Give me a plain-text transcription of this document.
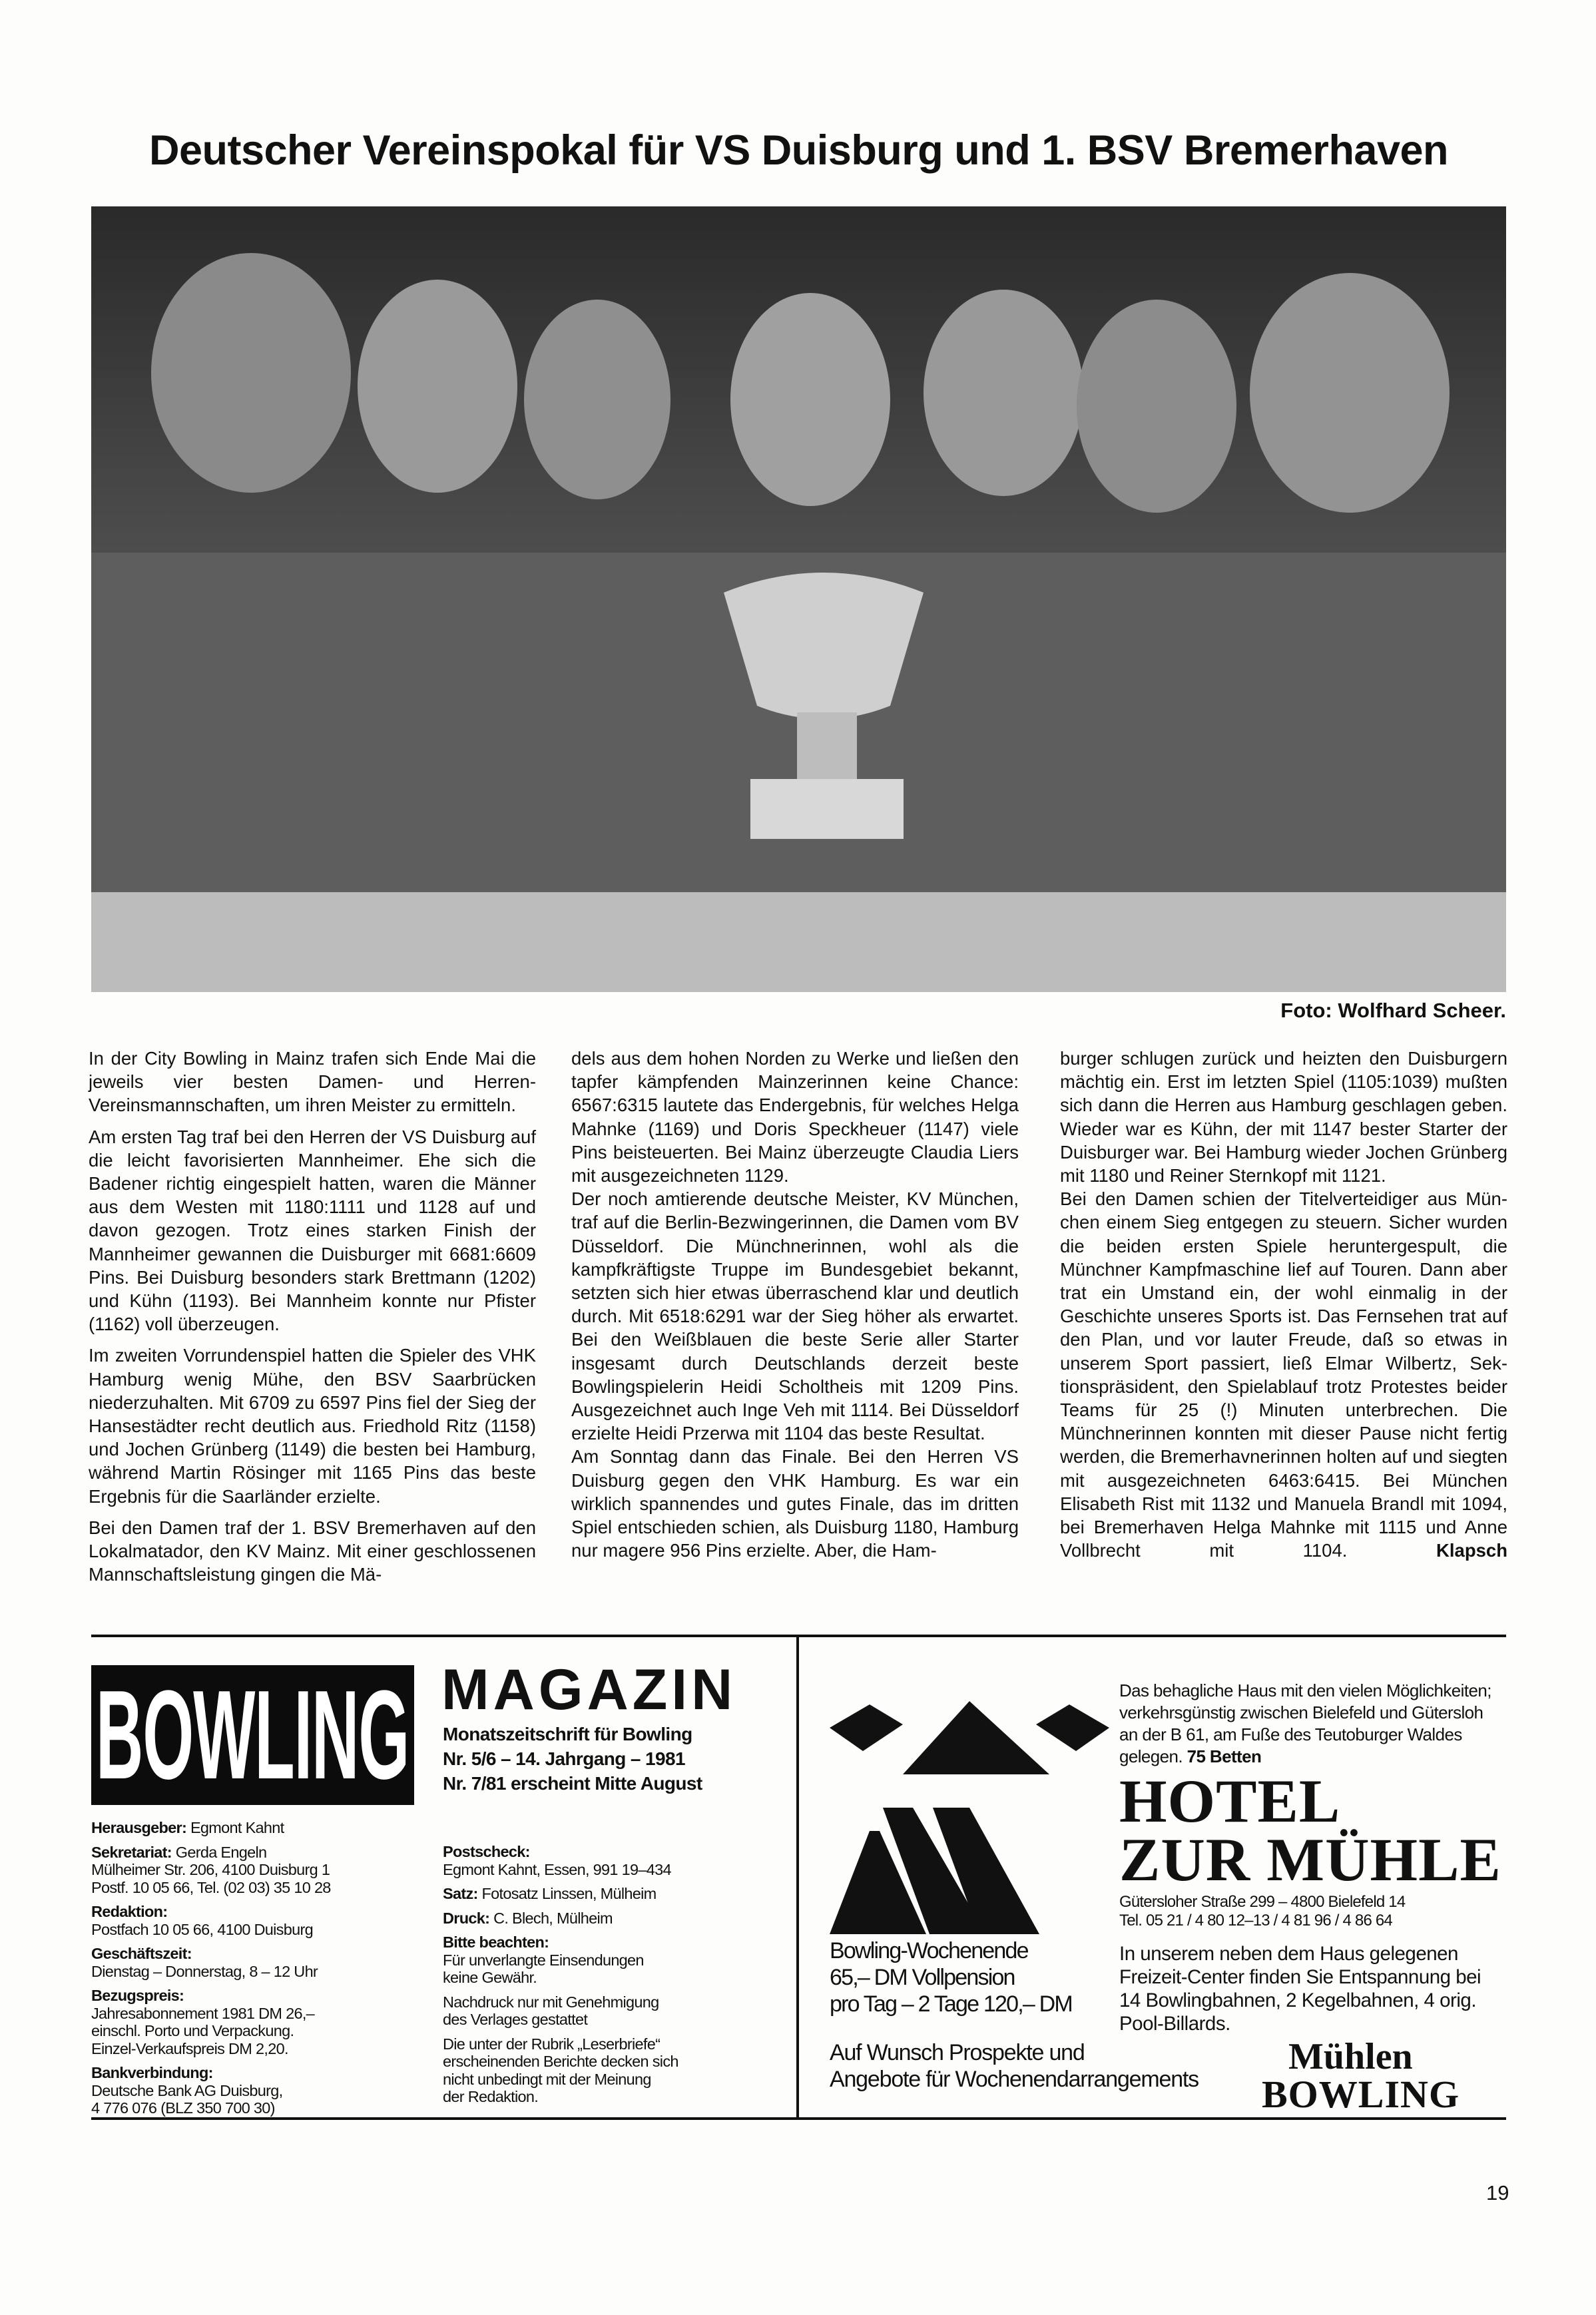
Deutscher Vereinspokal für VS Duisburg und 1. BSV Bremerhaven
Foto: Wolfhard Scheer.

In der City Bowling in Mainz trafen sich Ende Mai die jeweils vier besten Damen- und Herren-Vereinsmannschaften, um ihren Meister zu ermitteln.

Am ersten Tag traf bei den Herren der VS Duisburg auf die leicht favorisierten Mannheimer. Ehe sich die Badener richtig eingespielt hatten, waren die Männer aus dem Westen mit 1180:1111 und 1128 auf und davon gezogen. Trotz eines starken Finish der Mannheimer gewannen die Duisburger mit 6681:6609 Pins. Bei Duisburg besonders stark Brettmann (1202) und Kühn (1193). Bei Mannheim konnte nur Pfister (1162) voll überzeugen.

Im zweiten Vorrundenspiel hatten die Spieler des VHK Hamburg wenig Mühe, den BSV Saarbrücken niederzuhalten. Mit 6709 zu 6597 Pins fiel der Sieg der Hansestädter recht deutlich aus. Friedhold Ritz (1158) und Jochen Grünberg (1149) die besten bei Hamburg, während Martin Rösinger mit 1165 Pins das beste Ergebnis für die Saarländer erzielte.

Bei den Damen traf der 1. BSV Bremerhaven auf den Lokalmatador, den KV Mainz. Mit einer geschlossenen Mannschaftsleistung gingen die Mä-

dels aus dem hohen Norden zu Werke und ließen den tapfer kämpfenden Mainzerinnen keine Chance: 6567:6315 lautete das Endergebnis, für welches Helga Mahnke (1169) und Doris Speckheuer (1147) viele Pins beisteuerten. Bei Mainz überzeugte Claudia Liers mit ausgezeichneten 1129.

Der noch amtierende deutsche Meister, KV München, traf auf die Berlin-Bezwingerinnen, die Damen vom BV Düsseldorf. Die Münchnerinnen, wohl als die kampfkräftigste Truppe im Bundesgebiet bekannt, setzten sich hier etwas überraschend klar und deutlich durch. Mit 6518:6291 war der Sieg höher als erwartet. Bei den Weißblauen die beste Serie aller Starter insgesamt durch Deutschlands derzeit beste Bowlingspielerin Heidi Scholtheis mit 1209 Pins. Ausgezeichnet auch Inge Veh mit 1114. Bei Düsseldorf erzielte Heidi Przerwa mit 1104 das beste Resultat.

Am Sonntag dann das Finale. Bei den Herren VS Duisburg gegen den VHK Hamburg. Es war ein wirklich spannendes und gutes Finale, das im dritten Spiel entschieden schien, als Duisburg 1180, Hamburg nur magere 956 Pins erzielte. Aber, die Ham-

burger schlugen zurück und heizten den Duisburgern mächtig ein. Erst im letzten Spiel (1105:1039) mußten sich dann die Herren aus Hamburg geschlagen geben. Wieder war es Kühn, der mit 1147 bester Starter der Duisburger war. Bei Hamburg wieder Jochen Grünberg mit 1180 und Reiner Sternkopf mit 1121.

Bei den Damen schien der Titelverteidiger aus München einem Sieg entgegen zu steuern. Sicher wurden die beiden ersten Spiele heruntergespult, die Münchner Kampfmaschine lief auf Touren. Dann aber trat ein Umstand ein, der wohl einmalig in der Geschichte unseres Sports ist. Das Fernsehen trat auf den Plan, und vor lauter Freude, daß so etwas in unserem Sport passiert, ließ Elmar Wilbertz, Sektionspräsident, den Spielablauf trotz Protestes beider Teams für 25 (!) Minuten unterbrechen. Die Münchnerinnen konnten mit dieser Pause nicht fertig werden, die Bremerhavnerinnen holten auf und siegten mit ausgezeichneten 6463:6415. Bei München Elisabeth Rist mit 1132 und Manuela Brandl mit 1094, bei Bremerhaven Helga Mahnke mit 1115 und Anne Vollbrecht mit 1104.	Klapsch

BOWLING MAGAZIN
Monatszeitschrift für Bowling
Nr. 5/6 – 14. Jahrgang – 1981
Nr. 7/81 erscheint Mitte August
Herausgeber: Egmont Kahnt
Sekretariat: Gerda Engeln
Mülheimer Str. 206, 4100 Duisburg 1
Postf. 10 05 66, Tel. (02 03) 35 10 28
Redaktion:
Postfach 10 05 66, 4100 Duisburg
Geschäftszeit:
Dienstag – Donnerstag, 8 – 12 Uhr
Bezugspreis:
Jahresabonnement 1981 DM 26,–
einschl. Porto und Verpackung.
Einzel-Verkaufspreis DM 2,20.
Bankverbindung:
Deutsche Bank AG Duisburg,
4 776 076 (BLZ 350 700 30)
Postscheck:
Egmont Kahnt, Essen, 991 19–434
Satz: Fotosatz Linssen, Mülheim
Druck: C. Blech, Mülheim
Bitte beachten:
Für unverlangte Einsendungen
keine Gewähr.
Nachdruck nur mit Genehmigung
des Verlages gestattet
Die unter der Rubrik „Leserbriefe“
erscheinenden Berichte decken sich
nicht unbedingt mit der Meinung
der Redaktion.
Das behagliche Haus mit den vielen Möglichkeiten; verkehrsgünstig zwischen Bielefeld und Gütersloh an der B 61, am Fuße des Teutoburger Waldes gelegen. 75 Betten
HOTEL
ZUR MÜHLE
Güterslоher Straße 299 – 4800 Bielefeld 14
Tel. 05 21 / 4 80 12–13 / 4 81 96 / 4 86 64
In unserem neben dem Haus gelegenen Freizeit-Center finden Sie Entspannung bei 14 Bowlingbahnen, 2 Kegelbahnen, 4 orig. Pool-Billards.
Mühlen
BOWLING
Bowling-Wochenende
65,– DM Vollpension
pro Tag – 2 Tage 120,– DM
Auf Wunsch Prospekte und
Angebote für Wochenendarrangements
19
